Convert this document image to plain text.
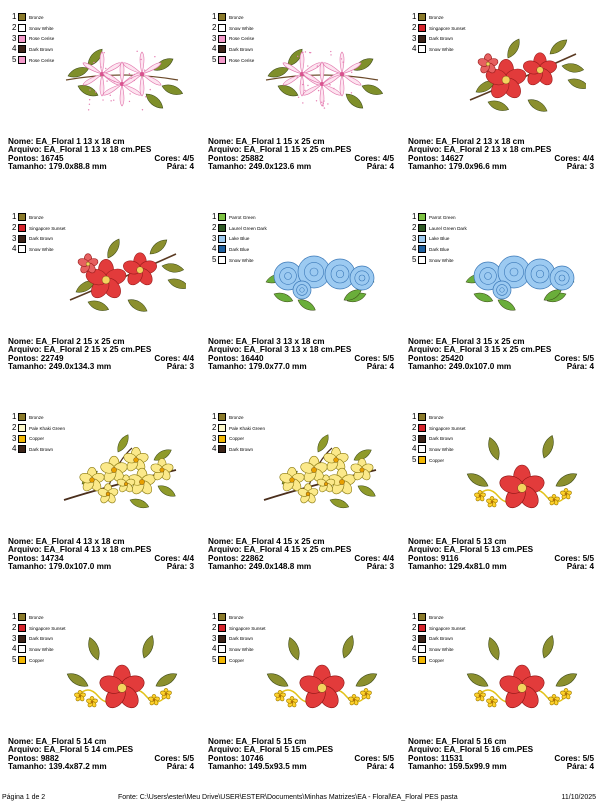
1	Bronze
2	Snow White
3	Rose Cerise
4	Dark Brown
5	Rose Cerise
Nome: EA_Floral 1 13 x 18 cm
Arquivo: EA_Floral 1 13 x 18 cm.PES
Pontos: 16745	Cores: 4/5
Tamanho: 179.0x88.8 mm	Pára: 4
1	Bronze
2	Snow White
3	Rose Cerise
4	Dark Brown
5	Rose Cerise
Nome: EA_Floral 1 15 x 25 cm
Arquivo: EA_Floral 1 15 x 25 cm.PES
Pontos: 25882	Cores: 4/5
Tamanho: 249.0x123.6 mm	Pára: 4
1	Bronze
2	Singapore Sunset
3	Dark Brown
4	Snow White
Nome: EA_Floral 2 13 x 18 cm
Arquivo: EA_Floral 2 13 x 18 cm.PES
Pontos: 14627	Cores: 4/4
Tamanho: 179.0x96.6 mm	Pára: 3
1	Bronze
2	Singapore Sunset
3	Dark Brown
4	Snow White
Nome: EA_Floral 2 15 x 25 cm
Arquivo: EA_Floral 2 15 x 25 cm.PES
Pontos: 22749	Cores: 4/4
Tamanho: 249.0x134.3 mm	Pára: 3
1	Parrot Green
2	Laurel Green Dark
3	Lake Blue
4	Dark Blue
5	Snow White
Nome: EA_Floral 3 13 x 18 cm
Arquivo: EA_Floral 3 13 x 18 cm.PES
Pontos: 16440	Cores: 5/5
Tamanho: 179.0x77.0 mm	Pára: 4
1	Parrot Green
2	Laurel Green Dark
3	Lake Blue
4	Dark Blue
5	Snow White
Nome: EA_Floral 3 15 x 25 cm
Arquivo: EA_Floral 3 15 x 25 cm.PES
Pontos: 25420	Cores: 5/5
Tamanho: 249.0x107.0 mm	Pára: 4
1	Bronze
2	Pale Khaki Green
3	Copper
4	Dark Brown
Nome: EA_Floral 4 13 x 18 cm
Arquivo: EA_Floral 4 13 x 18 cm.PES
Pontos: 14734	Cores: 4/4
Tamanho: 179.0x107.0 mm	Pára: 3
1	Bronze
2	Pale Khaki Green
3	Copper
4	Dark Brown
Nome: EA_Floral 4 15 x 25 cm
Arquivo: EA_Floral 4 15 x 25 cm.PES
Pontos: 22862	Cores: 4/4
Tamanho: 249.0x148.8 mm	Pára: 3
1	Bronze
2	Singapore Sunset
3	Dark Brown
4	Snow White
5	Copper
Nome: EA_Floral 5 13 cm
Arquivo: EA_Floral 5 13 cm.PES
Pontos: 9116	Cores: 5/5
Tamanho: 129.4x81.0 mm	Pára: 4
1	Bronze
2	Singapore Sunset
3	Dark Brown
4	Snow White
5	Copper
Nome: EA_Floral 5 14 cm
Arquivo: EA_Floral 5 14 cm.PES
Pontos: 9882	Cores: 5/5
Tamanho: 139.4x87.2 mm	Pára: 4
1	Bronze
2	Singapore Sunset
3	Dark Brown
4	Snow White
5	Copper
Nome: EA_Floral 5 15 cm
Arquivo: EA_Floral 5 15 cm.PES
Pontos: 10746	Cores: 5/5
Tamanho: 149.5x93.5 mm	Pára: 4
1	Bronze
2	Singapore Sunset
3	Dark Brown
4	Snow White
5	Copper
Nome: EA_Floral 5 16 cm
Arquivo: EA_Floral 5 16 cm.PES
Pontos: 11531	Cores: 5/5
Tamanho: 159.5x99.9 mm	Pára: 4
Página 1 de 2	Fonte: C:\Users\ester\Meu Drive\USER\ESTER\Documents\Minhas Matrizes\EA - Floral\EA_Floral PES pasta	11/10/2025
